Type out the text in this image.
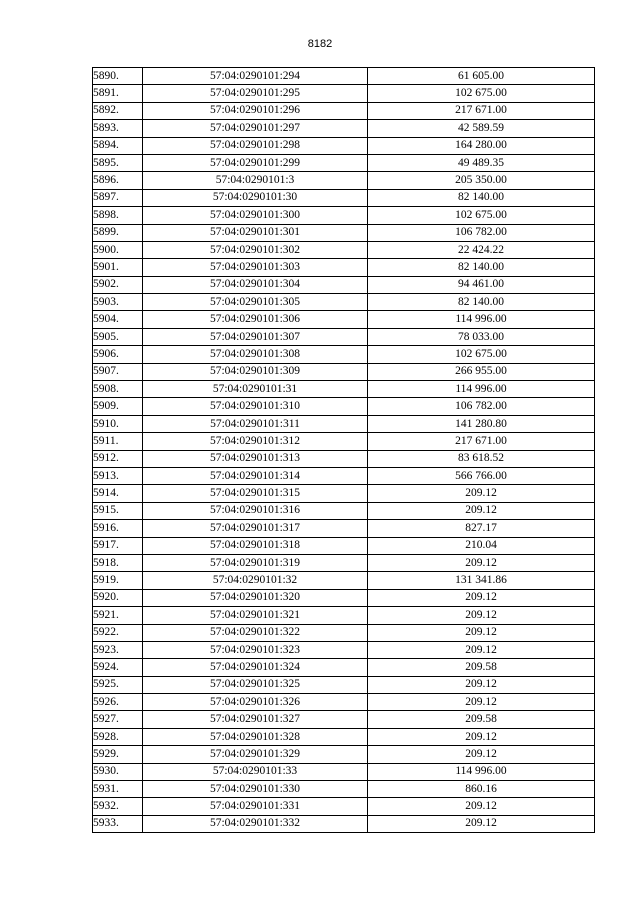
8182
5890.	57:04:0290101:294	61 605.00
5891.	57:04:0290101:295	102 675.00
5892.	57:04:0290101:296	217 671.00
5893.	57:04:0290101:297	42 589.59
5894.	57:04:0290101:298	164 280.00
5895.	57:04:0290101:299	49 489.35
5896.	57:04:0290101:3	205 350.00
5897.	57:04:0290101:30	82 140.00
5898.	57:04:0290101:300	102 675.00
5899.	57:04:0290101:301	106 782.00
5900.	57:04:0290101:302	22 424.22
5901.	57:04:0290101:303	82 140.00
5902.	57:04:0290101:304	94 461.00
5903.	57:04:0290101:305	82 140.00
5904.	57:04:0290101:306	114 996.00
5905.	57:04:0290101:307	78 033.00
5906.	57:04:0290101:308	102 675.00
5907.	57:04:0290101:309	266 955.00
5908.	57:04:0290101:31	114 996.00
5909.	57:04:0290101:310	106 782.00
5910.	57:04:0290101:311	141 280.80
5911.	57:04:0290101:312	217 671.00
5912.	57:04:0290101:313	83 618.52
5913.	57:04:0290101:314	566 766.00
5914.	57:04:0290101:315	209.12
5915.	57:04:0290101:316	209.12
5916.	57:04:0290101:317	827.17
5917.	57:04:0290101:318	210.04
5918.	57:04:0290101:319	209.12
5919.	57:04:0290101:32	131 341.86
5920.	57:04:0290101:320	209.12
5921.	57:04:0290101:321	209.12
5922.	57:04:0290101:322	209.12
5923.	57:04:0290101:323	209.12
5924.	57:04:0290101:324	209.58
5925.	57:04:0290101:325	209.12
5926.	57:04:0290101:326	209.12
5927.	57:04:0290101:327	209.58
5928.	57:04:0290101:328	209.12
5929.	57:04:0290101:329	209.12
5930.	57:04:0290101:33	114 996.00
5931.	57:04:0290101:330	860.16
5932.	57:04:0290101:331	209.12
5933.	57:04:0290101:332	209.12
